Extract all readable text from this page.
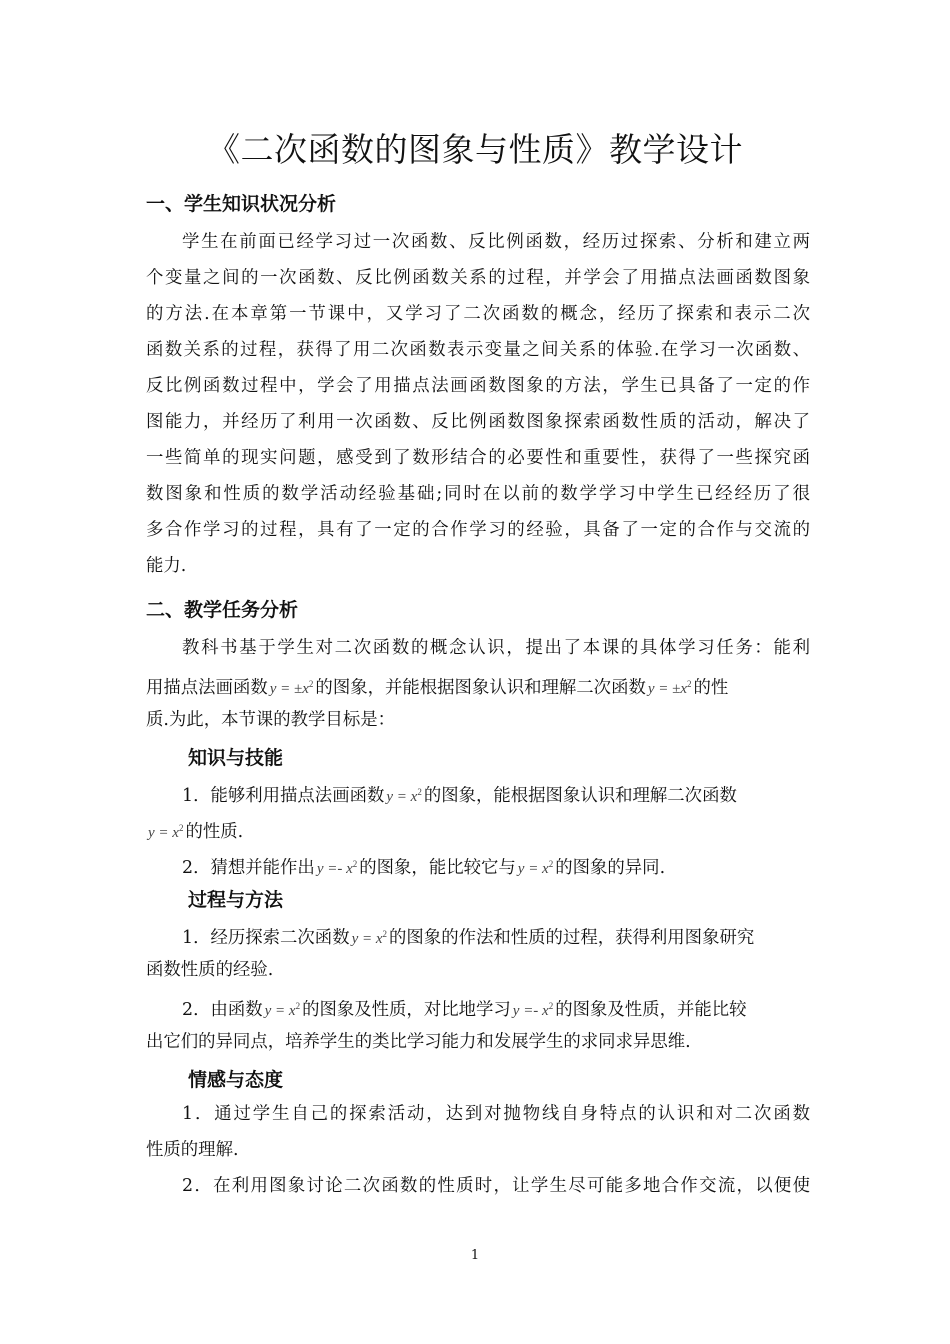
《二次函数的图象与性质》教学设计
一、学生知识状况分析

学生在前面已经学习过一次函数、反比例函数，经历过探索、分析和建立两

个变量之间的一次函数、反比例函数关系的过程，并学会了用描点法画函数图象

的方法.在本章第一节课中，又学习了二次函数的概念，经历了探索和表示二次

函数关系的过程，获得了用二次函数表示变量之间关系的体验.在学习一次函数、

反比例函数过程中，学会了用描点法画函数图象的方法，学生已具备了一定的作

图能力，并经历了利用一次函数、反比例函数图象探索函数性质的活动，解决了

一些简单的现实问题，感受到了数形结合的必要性和重要性，获得了一些探究函

数图象和性质的数学活动经验基础;同时在以前的数学学习中学生已经经历了很

多合作学习的过程，具有了一定的合作学习的经验，具备了一定的合作与交流的

能力.

二、教学任务分析

教科书基于学生对二次函数的概念认识，提出了本课的具体学习任务：能利

用描点法画函数 $y = \pm x^2$ 的图象，并能根据图象认识和理解二次函数 $y = \pm x^2$ 的性

质.为此，本节课的教学目标是：

知识与技能

1．能够利用描点法画函数 $y = x^2$ 的图象，能根据图象认识和理解二次函数

$y = x^2$ 的性质.

2．猜想并能作出 $y =- x^2$ 的图象，能比较它与 $y = x^2$ 的图象的异同.

过程与方法

1．经历探索二次函数 $y = x^2$ 的图象的作法和性质的过程，获得利用图象研究

函数性质的经验.

2．由函数 $y = x^2$ 的图象及性质，对比地学习 $y =- x^2$ 的图象及性质，并能比较

出它们的异同点，培养学生的类比学习能力和发展学生的求同求异思维.

情感与态度

1．通过学生自己的探索活动，达到对抛物线自身特点的认识和对二次函数

性质的理解.

2．在利用图象讨论二次函数的性质时，让学生尽可能多地合作交流，以便使

1
